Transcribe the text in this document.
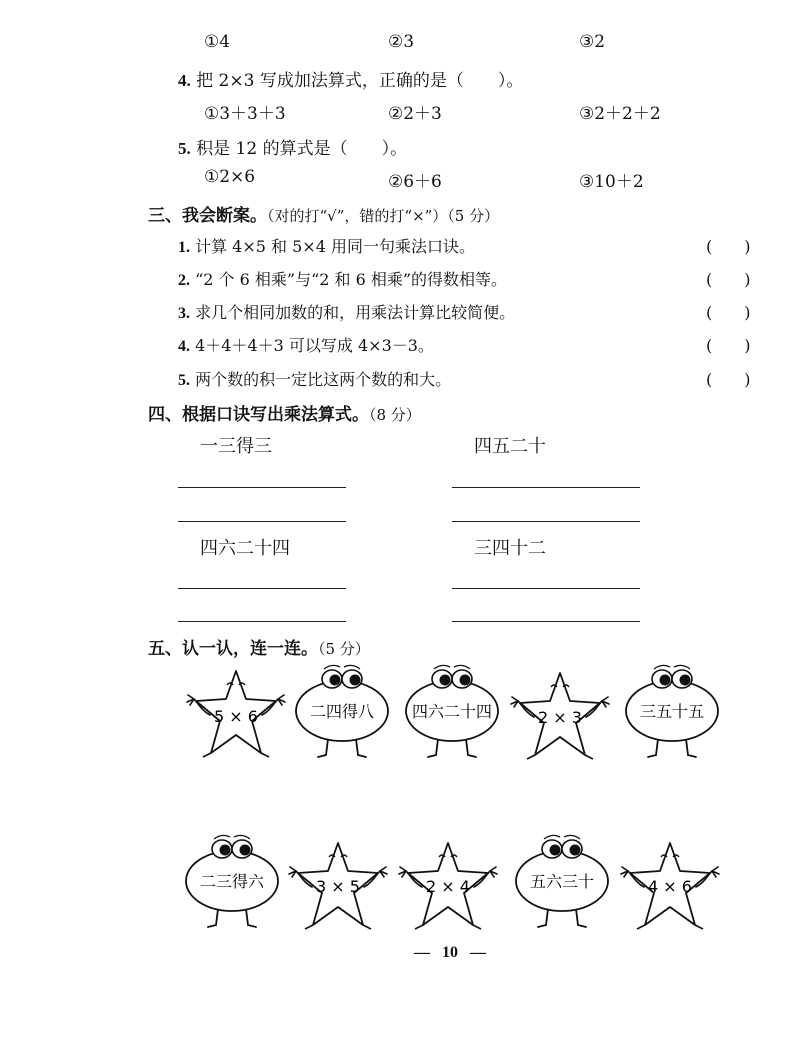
①4	②3	③2
4. 把 2×3 写成加法算式，正确的是（　　）。
①3＋3＋3	②2＋3	③2＋2＋2
5. 积是 12 的算式是（　　）。
①2×6	②6＋6	③10＋2
三、我会断案。（对的打“√”，错的打“×”）（5 分）
1. 计算 4×5 和 5×4 用同一句乘法口诀。	(　　)
2. “2 个 6 相乘”与“2 和 6 相乘”的得数相等。	(　　)
3. 求几个相同加数的和，用乘法计算比较简便。	(　　)
4. 4＋4＋4＋3 可以写成 4×3－3。	(　　)
5. 两个数的积一定比这两个数的和大。	(　　)
四、根据口诀写出乘法算式。（8 分）
一三得三	四五二十
四六二十四	三四十二
五、认一认，连一连。（5 分）
5 × 6	二四得八 四六二十四	2 × 3	三五十五
二三得六	3 × 5	2 × 4	五六三十	4 × 6
— 10 —
